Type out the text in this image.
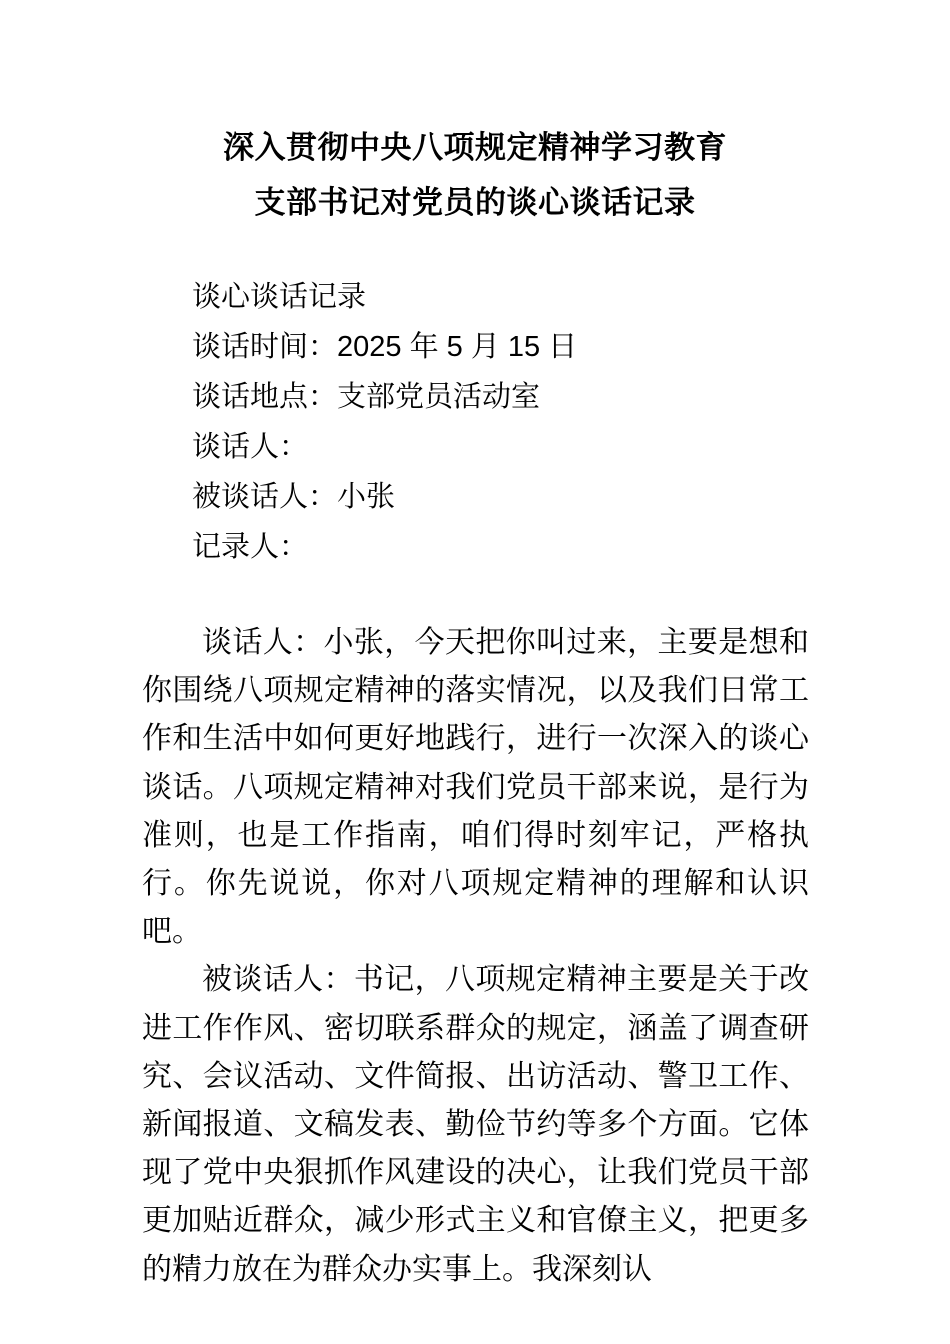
深入贯彻中央八项规定精神学习教育
支部书记对党员的谈心谈话记录
谈心谈话记录
谈话时间：2025 年 5 月 15 日
谈话地点：支部党员活动室
谈话人：
被谈话人：小张
记录人：

谈话人：小张，今天把你叫过来，主要是想和你围绕八项规定精神的落实情况，以及我们日常工作和生活中如何更好地践行，进行一次深入的谈心谈话。八项规定精神对我们党员干部来说，是行为准则，也是工作指南，咱们得时刻牢记，严格执行。你先说说，你对八项规定精神的理解和认识吧。

被谈话人：书记，八项规定精神主要是关于改进工作作风、密切联系群众的规定，涵盖了调查研究、会议活动、文件简报、出访活动、警卫工作、新闻报道、文稿发表、勤俭节约等多个方面。它体现了党中央狠抓作风建设的决心，让我们党员干部更加贴近群众，减少形式主义和官僚主义，把更多的精力放在为群众办实事上。我深刻认
